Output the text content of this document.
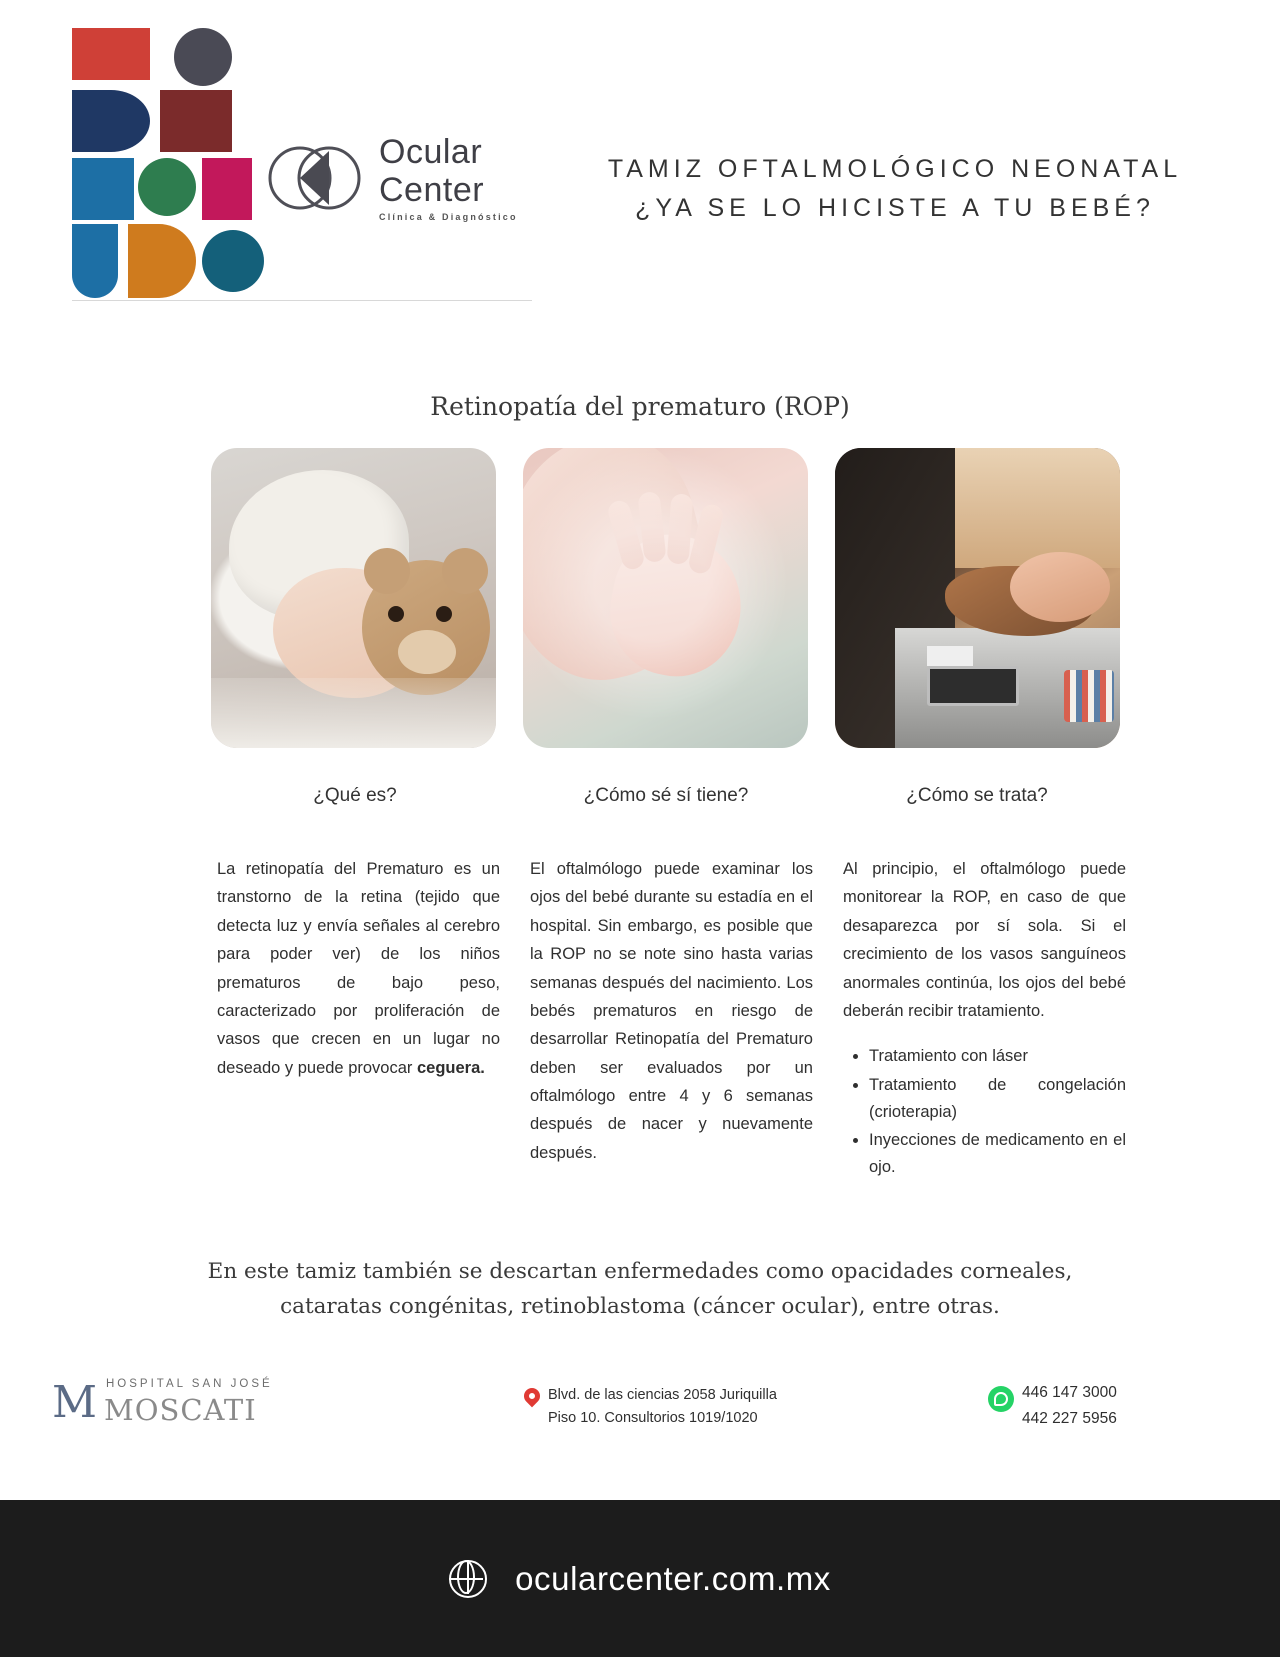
Ocular
Center
Clínica & Diagnóstico
TAMIZ OFTALMOLÓGICO NEONATAL ¿YA SE LO HICISTE A TU BEBÉ?
Retinopatía del prematuro (ROP)
¿Qué es?	¿Cómo sé sí tiene?	¿Cómo se trata?
La retinopatía del Prematuro es un transtorno de la retina (tejido que detecta luz y envía señales al cerebro para poder ver) de los niños prematuros de bajo peso, caracterizado por proliferación de vasos que crecen en un lugar no deseado y puede provocar ceguera.
El oftalmólogo puede examinar los ojos del bebé durante su estadía en el hospital. Sin embargo, es posible que la ROP no se note sino hasta varias semanas después del nacimiento. Los bebés prematuros en riesgo de desarrollar Retinopatía del Prematuro deben ser evaluados por un oftalmólogo entre 4 y 6 semanas después de nacer y nuevamente después.
Al principio, el oftalmólogo puede monitorear la ROP, en caso de que desaparezca por sí sola. Si el crecimiento de los vasos sanguíneos anormales continúa, los ojos del bebé deberán recibir tratamiento.
• Tratamiento con láser
• Tratamiento de congelación (crioterapia)
• Inyecciones de medicamento en el ojo.
En este tamiz también se descartan enfermedades como opacidades corneales, cataratas congénitas, retinoblastoma (cáncer ocular), entre otras.
M HOSPITAL SAN JOSÉ
MOSCATI	Blvd. de las ciencias 2058 Juriquilla
Piso 10. Consultorios 1019/1020
446 147 3000
442 227 5956
ocularcenter.com.mx
